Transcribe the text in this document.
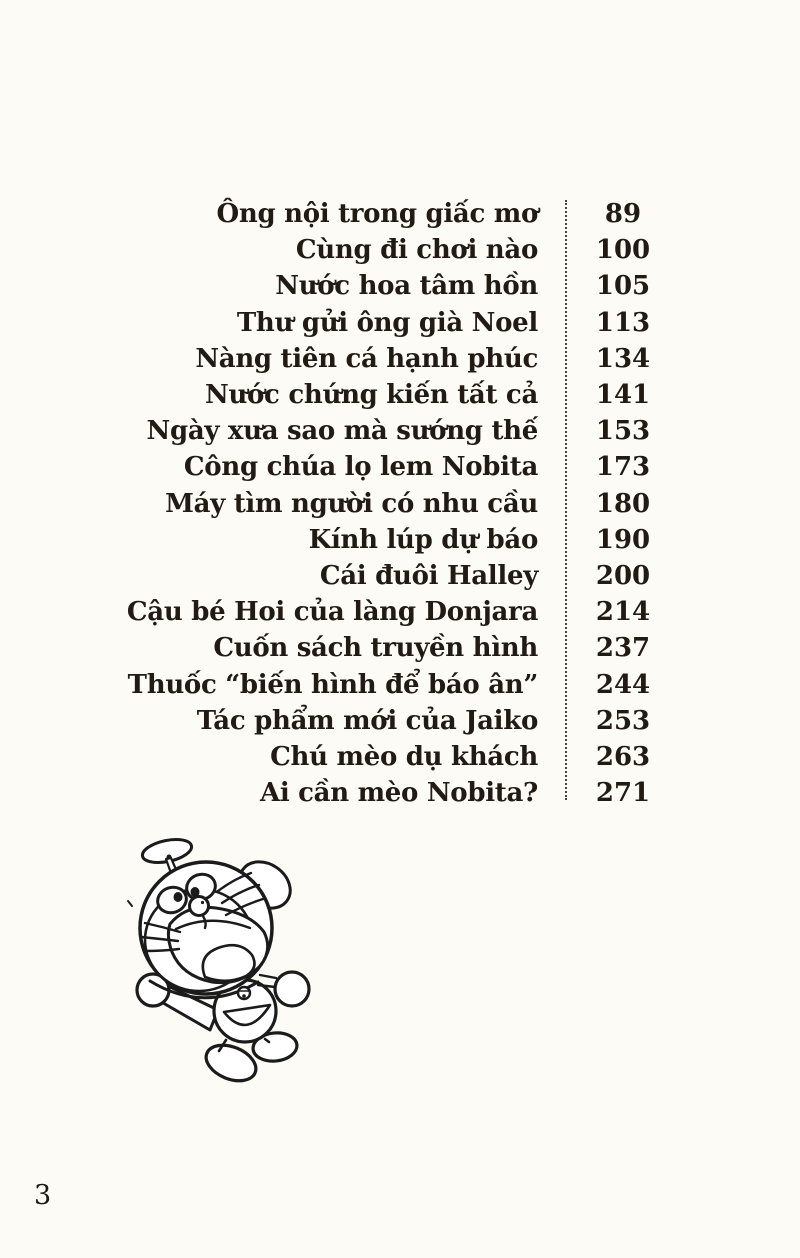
Ông nội trong giấc mơ	89
Cùng đi chơi nào	100
Nước hoa tâm hồn	105
Thư gửi ông già Noel	113
Nàng tiên cá hạnh phúc	134
Nước chứng kiến tất cả	141
Ngày xưa sao mà sướng thế	153
Công chúa lọ lem Nobita	173
Máy tìm người có nhu cầu	180
Kính lúp dự báo	190
Cái đuôi Halley	200
Cậu bé Hoi của làng Donjara	214
Cuốn sách truyền hình	237
Thuốc “biến hình để báo ân”	244
Tác phẩm mới của Jaiko	253
Chú mèo dụ khách	263
Ai cần mèo Nobita?	271
3
